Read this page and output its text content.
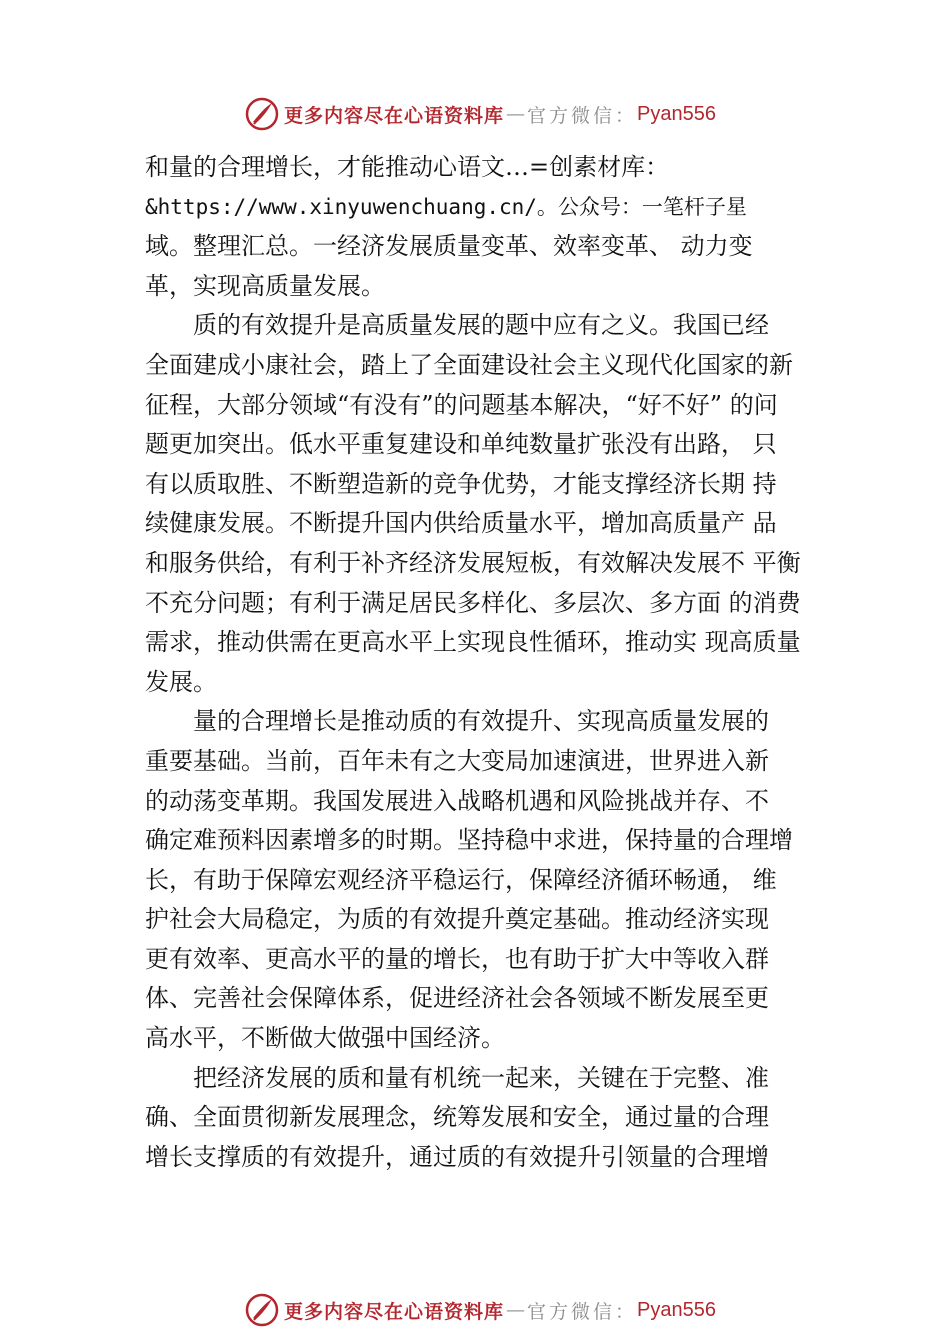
更多内容尽在心语资料库 — 官方微信： Pyan556
和量的合理增长，才能推动心语文…=创素材库：
&https://www.xinyuwenchuang.cn/。公众号：一笔杆子星
域。整理汇总。一经济发展质量变革、效率变革、 动力变
革，实现高质量发展。
质的有效提升是高质量发展的题中应有之义。我国已经
全面建成小康社会，踏上了全面建设社会主义现代化国家的新
征程，大部分领域“有没有”的问题基本解决，“好不好” 的问
题更加突出。低水平重复建设和单纯数量扩张没有出路， 只
有以质取胜、不断塑造新的竞争优势，才能支撑经济长期 持
续健康发展。不断提升国内供给质量水平，增加高质量产 品
和服务供给，有利于补齐经济发展短板，有效解决发展不 平衡
不充分问题；有利于满足居民多样化、多层次、多方面 的消费
需求，推动供需在更高水平上实现良性循环，推动实 现高质量
发展。
量的合理增长是推动质的有效提升、实现高质量发展的
重要基础。当前，百年未有之大变局加速演进，世界进入新
的动荡变革期。我国发展进入战略机遇和风险挑战并存、不
确定难预料因素增多的时期。坚持稳中求进，保持量的合理增
长，有助于保障宏观经济平稳运行，保障经济循环畅通， 维
护社会大局稳定，为质的有效提升奠定基础。推动经济实现
更有效率、更高水平的量的增长，也有助于扩大中等收入群
体、完善社会保障体系，促进经济社会各领域不断发展至更
高水平，不断做大做强中国经济。
把经济发展的质和量有机统一起来，关键在于完整、准
确、全面贯彻新发展理念，统筹发展和安全，通过量的合理
增长支撑质的有效提升，通过质的有效提升引领量的合理增
更多内容尽在心语资料库 — 官方微信： Pyan556
